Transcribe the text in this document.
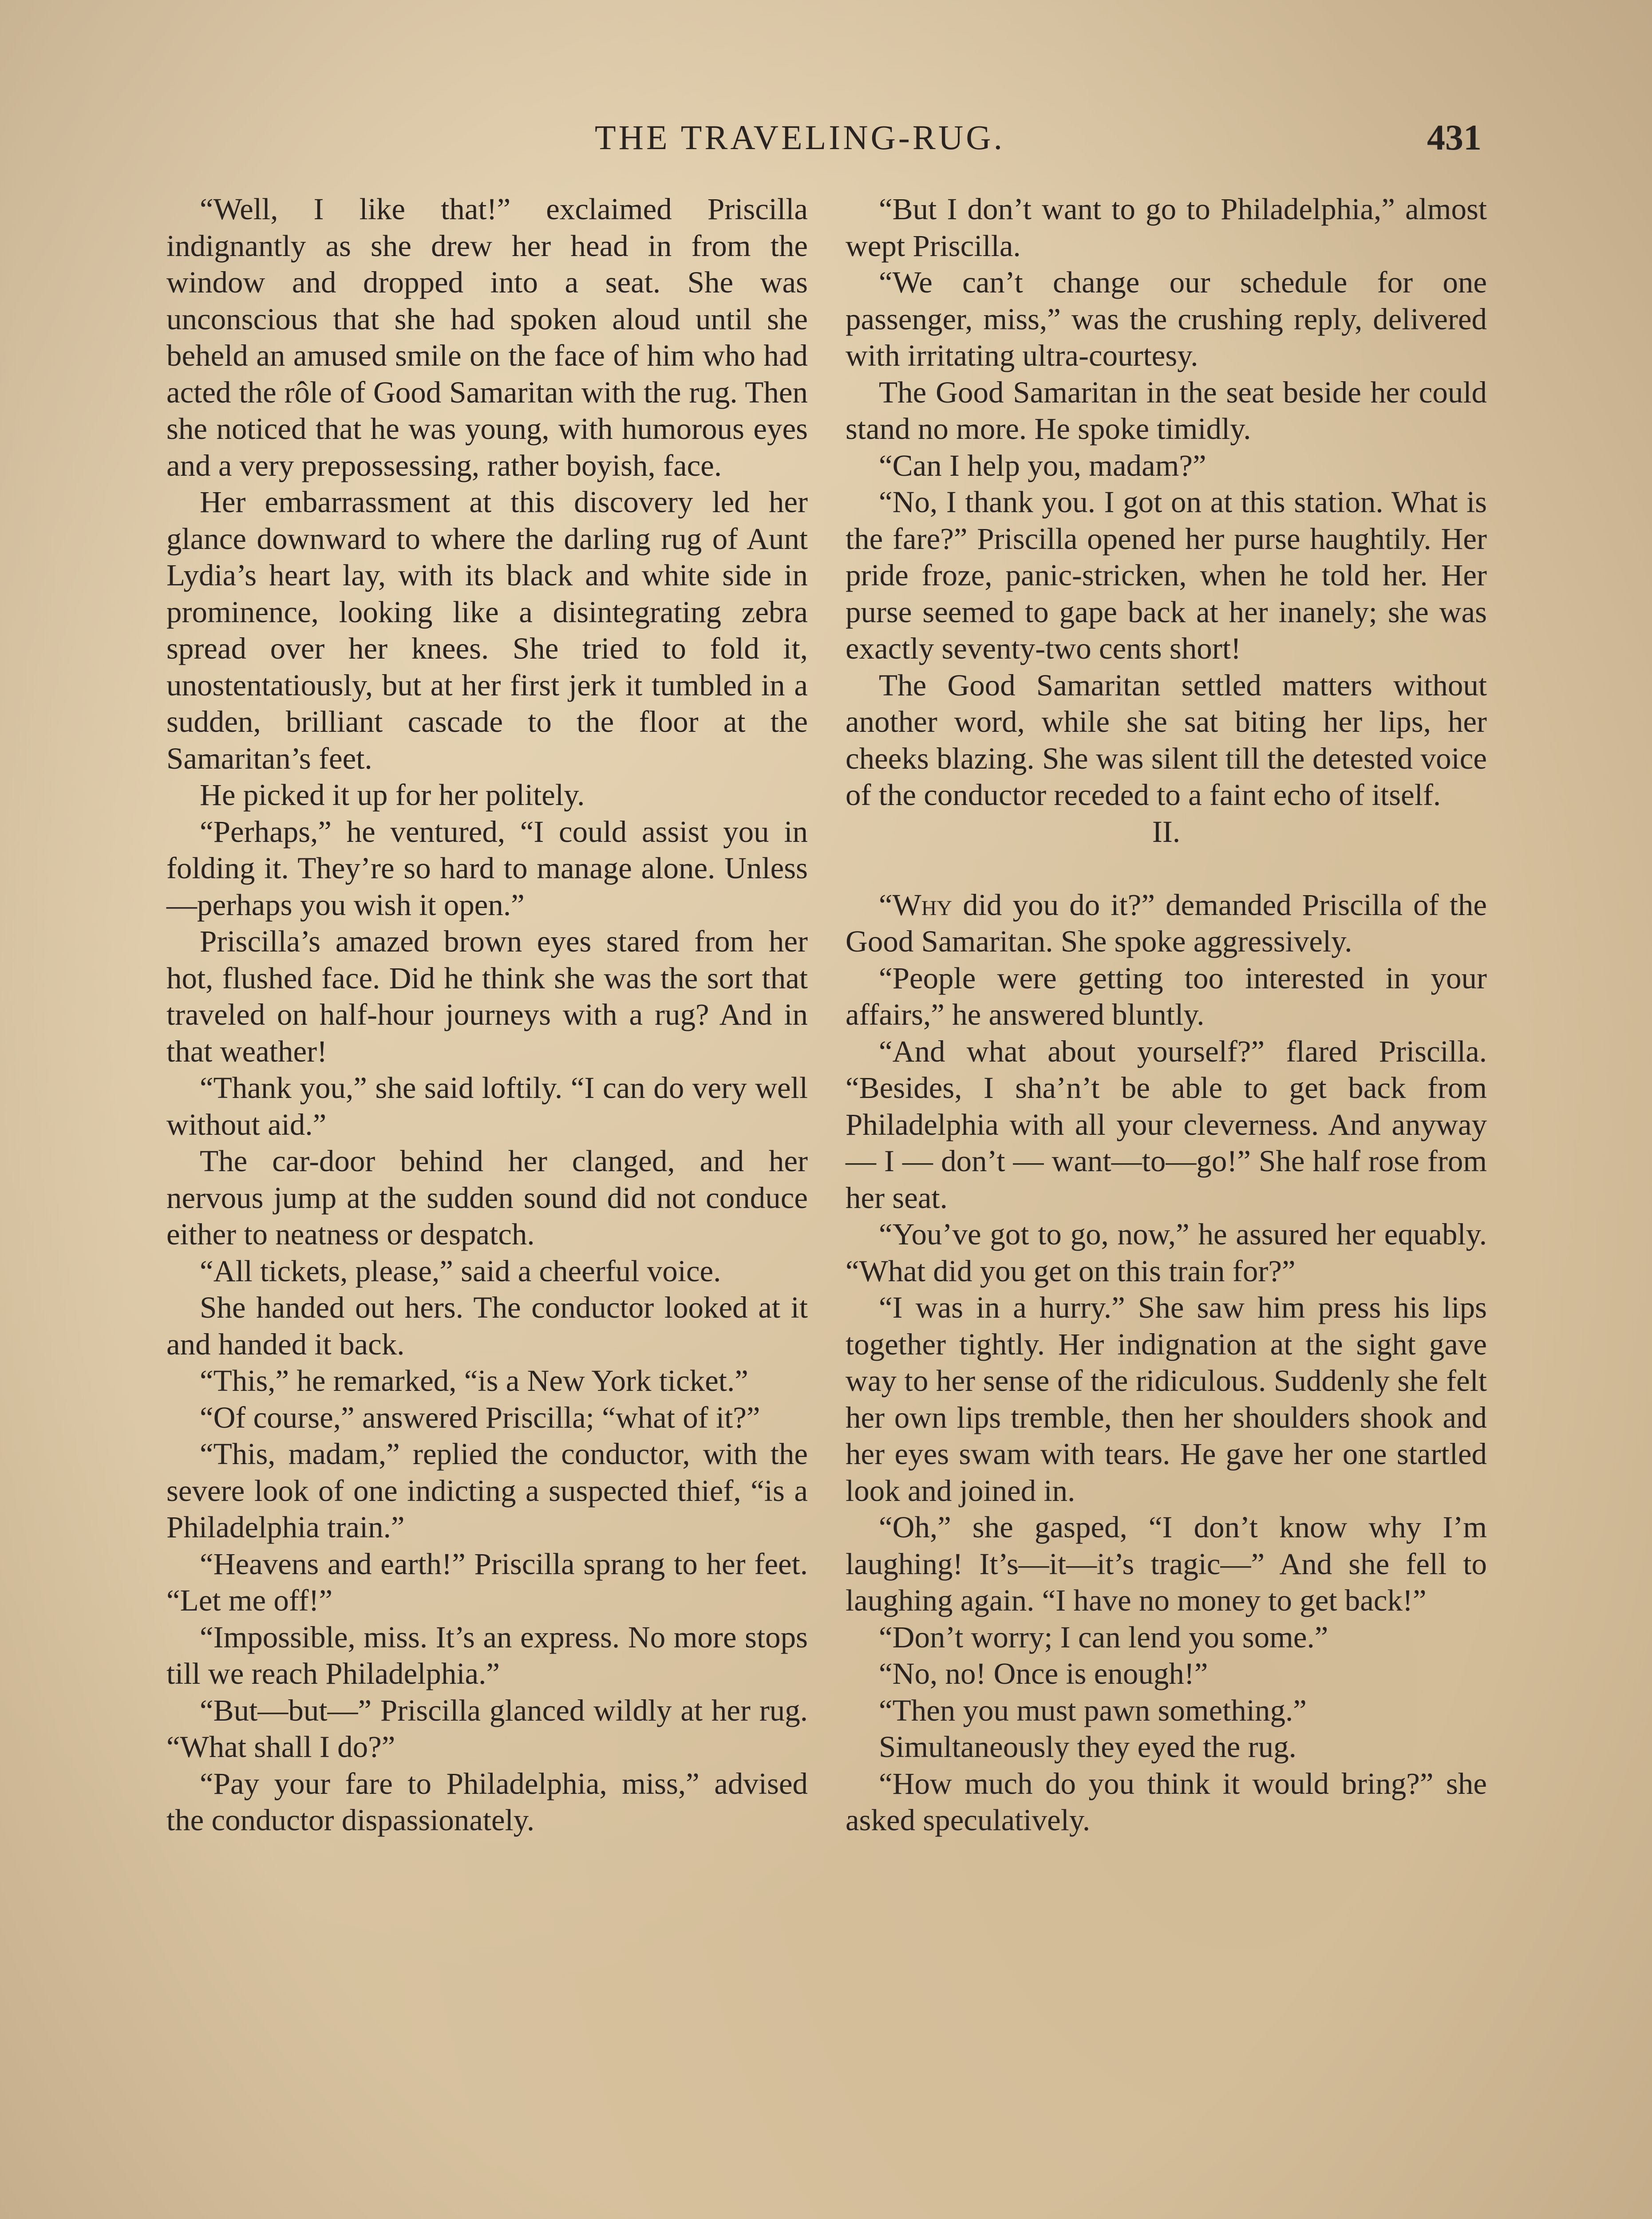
THE TRAVELING-RUG.	431

“Well, I like that!” exclaimed Priscilla indignantly as she drew her head in from the window and dropped into a seat. She was unconscious that she had spoken aloud until she beheld an amused smile on the face of him who had acted the rôle of Good Samaritan with the rug. Then she noticed that he was young, with humorous eyes and a very prepossessing, rather boyish, face.

Her embarrassment at this discovery led her glance downward to where the darling rug of Aunt Lydia’s heart lay, with its black and white side in prominence, looking like a disintegrating zebra spread over her knees. She tried to fold it, unostentatiously, but at her first jerk it tumbled in a sudden, brilliant cascade to the floor at the Samaritan’s feet.

He picked it up for her politely.

“Perhaps,” he ventured, “I could assist you in folding it. They’re so hard to manage alone. Unless—perhaps you wish it open.”

Priscilla’s amazed brown eyes stared from her hot, flushed face. Did he think she was the sort that traveled on half-hour journeys with a rug? And in that weather!

“Thank you,” she said loftily. “I can do very well without aid.”

The car-door behind her clanged, and her nervous jump at the sudden sound did not conduce either to neatness or despatch.

“All tickets, please,” said a cheerful voice.

She handed out hers. The conductor looked at it and handed it back.

“This,” he remarked, “is a New York ticket.”

“Of course,” answered Priscilla; “what of it?”

“This, madam,” replied the conductor, with the severe look of one indicting a suspected thief, “is a Philadelphia train.”

“Heavens and earth!” Priscilla sprang to her feet. “Let me off!”

“Impossible, miss. It’s an express. No more stops till we reach Philadelphia.”

“But—but—” Priscilla glanced wildly at her rug. “What shall I do?”

“Pay your fare to Philadelphia, miss,” advised the conductor dispassionately.

“But I don’t want to go to Philadelphia,” almost wept Priscilla.

“We can’t change our schedule for one passenger, miss,” was the crushing reply, delivered with irritating ultra-courtesy.

The Good Samaritan in the seat beside her could stand no more. He spoke timidly.

“Can I help you, madam?”

“No, I thank you. I got on at this station. What is the fare?” Priscilla opened her purse haughtily. Her pride froze, panic-stricken, when he told her. Her purse seemed to gape back at her inanely; she was exactly seventy-two cents short!

The Good Samaritan settled matters without another word, while she sat biting her lips, her cheeks blazing. She was silent till the detested voice of the conductor receded to a faint echo of itself.

II.

“Why did you do it?” demanded Priscilla of the Good Samaritan. She spoke aggressively.

“People were getting too interested in your affairs,” he answered bluntly.

“And what about yourself?” flared Priscilla. “Besides, I sha’n’t be able to get back from Philadelphia with all your cleverness. And anyway — I — don’t — want—to—go!” She half rose from her seat.

“You’ve got to go, now,” he assured her equably. “What did you get on this train for?”

“I was in a hurry.” She saw him press his lips together tightly. Her indignation at the sight gave way to her sense of the ridiculous. Suddenly she felt her own lips tremble, then her shoulders shook and her eyes swam with tears. He gave her one startled look and joined in.

“Oh,” she gasped, “I don’t know why I’m laughing! It’s—it—it’s tragic—” And she fell to laughing again. “I have no money to get back!”

“Don’t worry; I can lend you some.”

“No, no! Once is enough!”

“Then you must pawn something.”

Simultaneously they eyed the rug.

“How much do you think it would bring?” she asked speculatively.
